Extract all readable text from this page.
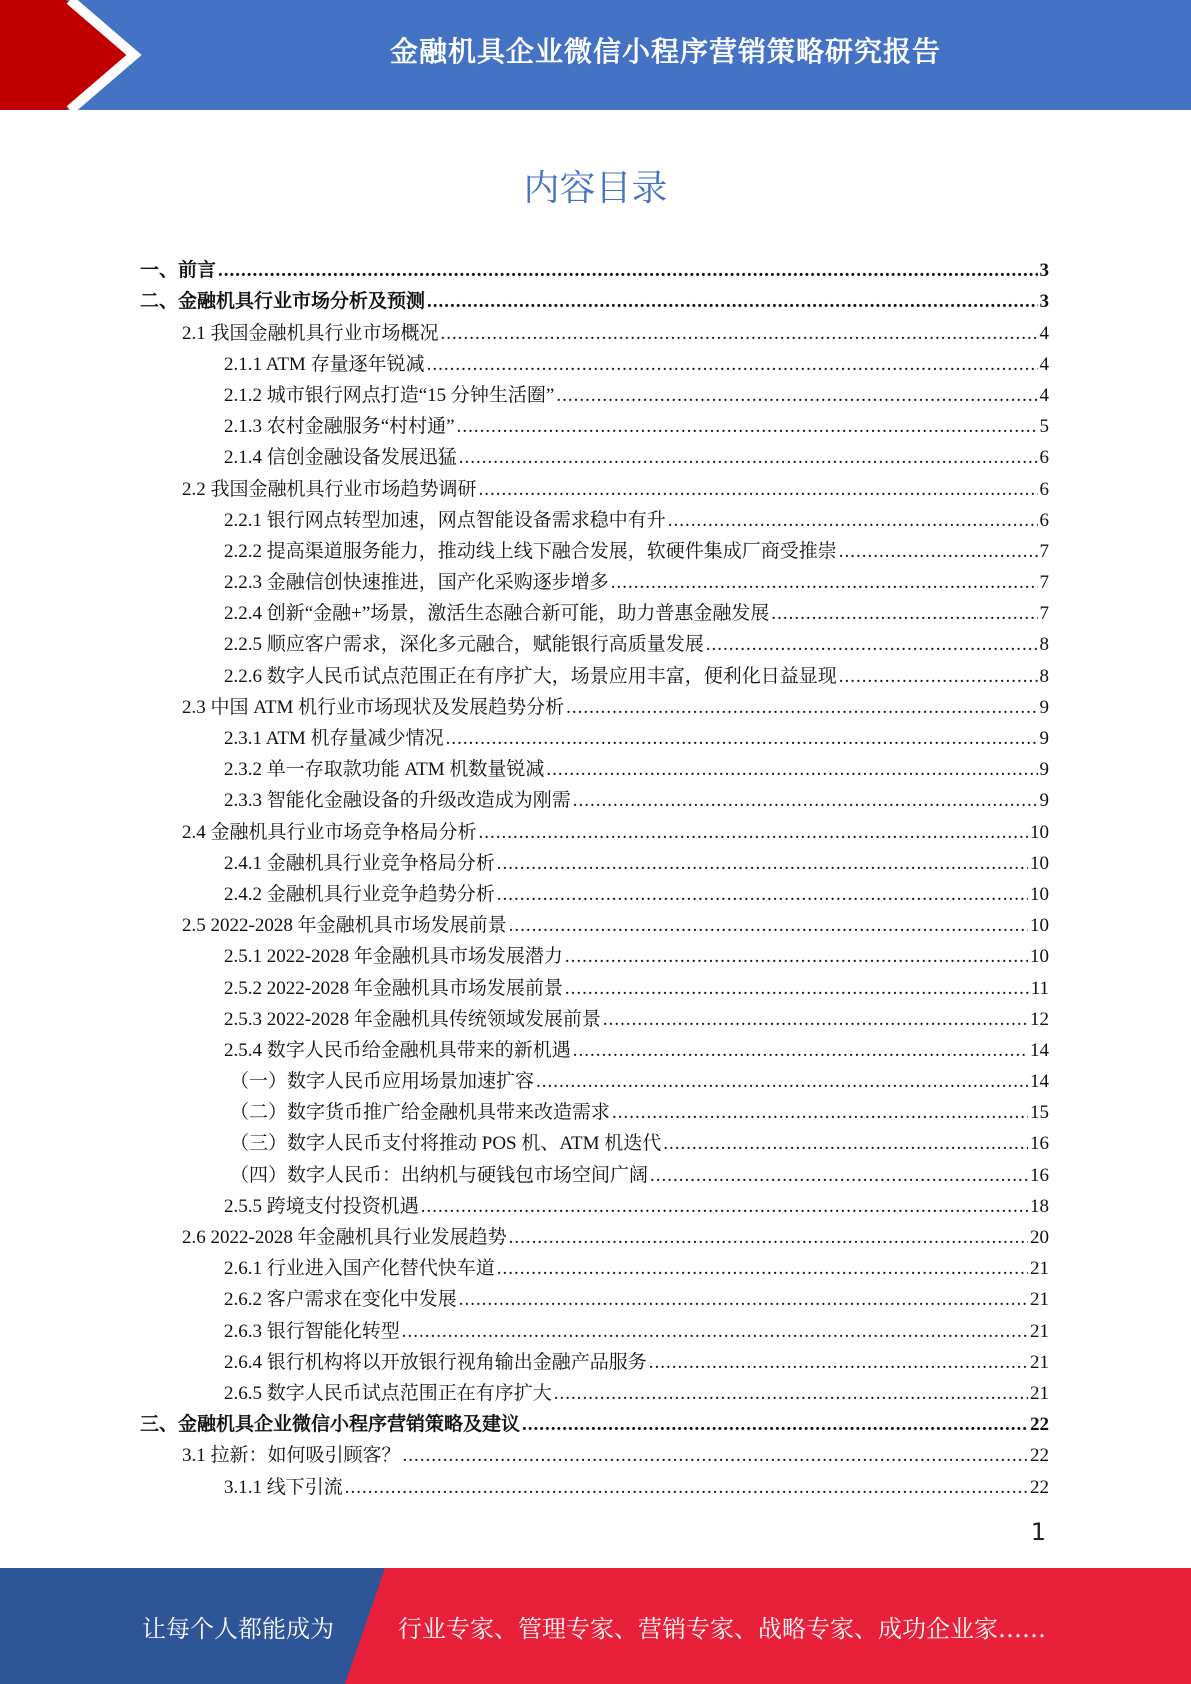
金融机具企业微信小程序营销策略研究报告
内容目录
一、前言 .....	3
二、金融机具行业市场分析及预测 .....	3
2.1 我国金融机具行业市场概况 .....	4
2.1.1 ATM 存量逐年锐减 .....	4
2.1.2 城市银行网点打造“15 分钟生活圈” .....	4
2.1.3 农村金融服务“村村通” .....	5
2.1.4 信创金融设备发展迅猛 .....	6
2.2 我国金融机具行业市场趋势调研 .....	6
2.2.1 银行网点转型加速，网点智能设备需求稳中有升 .....	6
2.2.2 提高渠道服务能力，推动线上线下融合发展，软硬件集成厂商受推崇 .....	7
2.2.3 金融信创快速推进，国产化采购逐步增多 .....	7
2.2.4 创新“金融+”场景，激活生态融合新可能，助力普惠金融发展 .....	7
2.2.5 顺应客户需求，深化多元融合，赋能银行高质量发展 .....	8
2.2.6 数字人民币试点范围正在有序扩大，场景应用丰富，便利化日益显现 .....	8
2.3 中国 ATM 机行业市场现状及发展趋势分析 .....	9
2.3.1 ATM 机存量减少情况 .....	9
2.3.2 单一存取款功能 ATM 机数量锐减 .....	9
2.3.3 智能化金融设备的升级改造成为刚需 .....	9
2.4 金融机具行业市场竞争格局分析 .....	10
2.4.1 金融机具行业竞争格局分析 .....	10
2.4.2 金融机具行业竞争趋势分析 .....	10
2.5 2022-2028 年金融机具市场发展前景 .....	10
2.5.1 2022-2028 年金融机具市场发展潜力 .....	10
2.5.2 2022-2028 年金融机具市场发展前景 .....	11
2.5.3 2022-2028 年金融机具传统领域发展前景 .....	12
2.5.4 数字人民币给金融机具带来的新机遇 .....	14
（一）数字人民币应用场景加速扩容 .....	14
（二）数字货币推广给金融机具带来改造需求 .....	15
（三）数字人民币支付将推动 POS 机、ATM 机迭代 .....	16
（四）数字人民币：出纳机与硬钱包市场空间广阔 .....	16
2.5.5 跨境支付投资机遇 .....	18
2.6 2022-2028 年金融机具行业发展趋势 .....	20
2.6.1 行业进入国产化替代快车道 .....	21
2.6.2 客户需求在变化中发展 .....	21
2.6.3 银行智能化转型 .....	21
2.6.4 银行机构将以开放银行视角输出金融产品服务 .....	21
2.6.5 数字人民币试点范围正在有序扩大 .....	21
三、金融机具企业微信小程序营销策略及建议 .....	22
3.1 拉新：如何吸引顾客？ .....	22
3.1.1 线下引流 .....	22
1
让每个人都能成为	行业专家、管理专家、营销专家、战略专家、成功企业家……
